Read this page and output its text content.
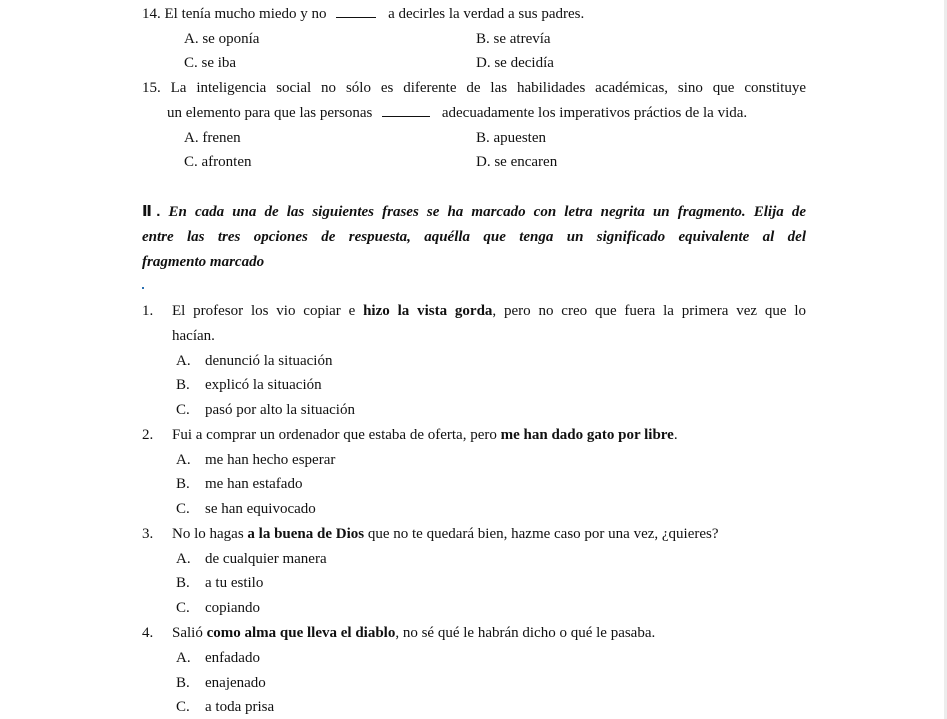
14. El tenía mucho miedo y no	a decirles la verdad a sus padres.
A. se oponía	B. se atrevía
C. se iba	D. se decidía
15. La inteligencia social no sólo es diferente de las habilidades académicas, sino que constituye
un elemento para que las personas	adecuadamente los imperativos práctios de la vida.
A. frenen	B. apuesten
C. afronten	D. se encaren
Ⅱ. En cada una de las siguientes frases se ha marcado con letra negrita un fragmento. Elija de
entre las tres opciones de respuesta, aquélla que tenga un significado equivalente al del
fragmento marcado
1. El profesor los vio copiar e hizo la vista gorda, pero no creo que fuera la primera vez que lo
hacían.
A. denunció la situación
B. explicó la situación
C. pasó por alto la situación
2. Fui a comprar un ordenador que estaba de oferta, pero me han dado gato por libre.
A. me han hecho esperar
B. me han estafado
C. se han equivocado
3. No lo hagas a la buena de Dios que no te quedará bien, hazme caso por una vez, ¿quieres?
A. de cualquier manera
B. a tu estilo
C. copiando
4. Salió como alma que lleva el diablo, no sé qué le habrán dicho o qué le pasaba.
A. enfadado
B. enajenado
C. a toda prisa
